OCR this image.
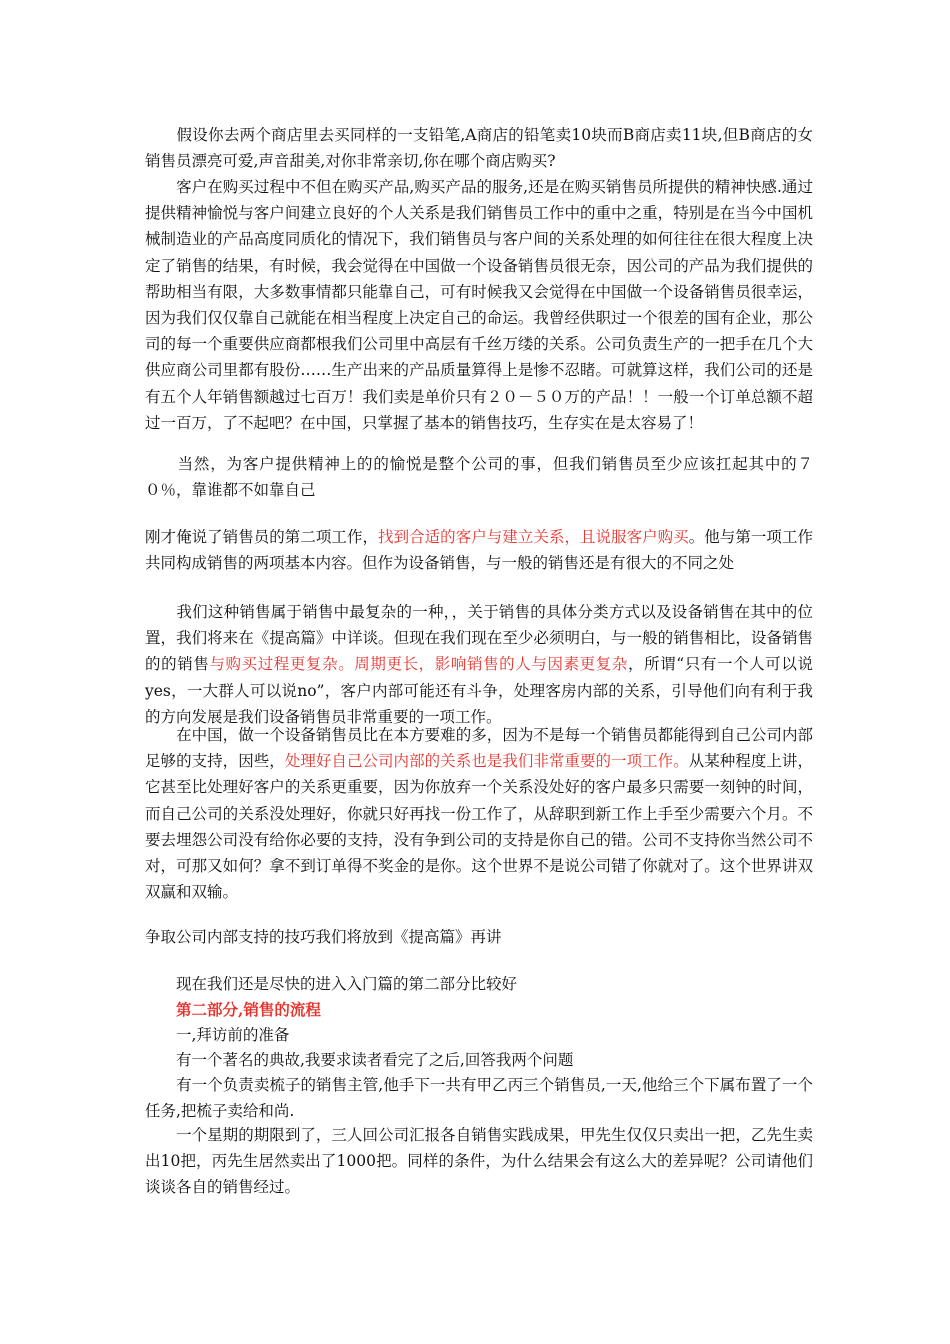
　　假设你去两个商店里去买同样的一支铅笔,A商店的铅笔卖10块而B商店卖11块,但B商店的女销售员漂亮可爱,声音甜美,对你非常亲切,你在哪个商店购买?

　　客户在购买过程中不但在购买产品,购买产品的服务,还是在购买销售员所提供的精神快感.通过提供精神愉悦与客户间建立良好的个人关系是我们销售员工作中的重中之重，特别是在当今中国机械制造业的产品高度同质化的情况下，我们销售员与客户间的关系处理的如何往往在很大程度上决定了销售的结果，有时候，我会觉得在中国做一个设备销售员很无奈，因公司的产品为我们提供的帮助相当有限，大多数事情都只能靠自己，可有时候我又会觉得在中国做一个设备销售员很幸运，因为我们仅仅靠自己就能在相当程度上决定自己的命运。我曾经供职过一个很差的国有企业，那公司的每一个重要供应商都根我们公司里中高层有千丝万缕的关系。公司负责生产的一把手在几个大供应商公司里都有股份……生产出来的产品质量算得上是惨不忍睹。可就算这样，我们公司的还是有五个人年销售额越过七百万！我们卖是单价只有２０－５０万的产品！！一般一个订单总额不超过一百万，了不起吧？在中国，只掌握了基本的销售技巧，生存实在是太容易了！

　　当然，为客户提供精神上的的愉悦是整个公司的事，但我们销售员至少应该扛起其中的７０％，靠谁都不如靠自己

刚才俺说了销售员的第二项工作，找到合适的客户与建立关系，且说服客户购买。他与第一项工作共同构成销售的两项基本内容。但作为设备销售，与一般的销售还是有很大的不同之处

　　我们这种销售属于销售中最复杂的一种，，关于销售的具体分类方式以及设备销售在其中的位置，我们将来在《提高篇》中详谈。但现在我们现在至少必须明白，与一般的销售相比，设备销售的的销售与购买过程更复杂。周期更长，影响销售的人与因素更复杂，所谓“只有一个人可以说yes，一大群人可以说no”，客户内部可能还有斗争，处理客房内部的关系，引导他们向有利于我的方向发展是我们设备销售员非常重要的一项工作。

　　在中国，做一个设备销售员比在本方要难的多，因为不是每一个销售员都能得到自己公司内部足够的支持，因些，处理好自己公司内部的关系也是我们非常重要的一项工作。从某种程度上讲，它甚至比处理好客户的关系更重要，因为你放弃一个关系没处好的客户最多只需要一刻钟的时间，而自己公司的关系没处理好，你就只好再找一份工作了，从辞职到新工作上手至少需要六个月。不要去埋怨公司没有给你必要的支持，没有争到公司的支持是你自己的错。公司不支持你当然公司不对，可那又如何？拿不到订单得不奖金的是你。这个世界不是说公司错了你就对了。这个世界讲双双赢和双输。

争取公司内部支持的技巧我们将放到《提高篇》再讲

　　现在我们还是尽快的进入入门篇的第二部分比较好

　　第二部分,销售的流程

　　一,拜访前的准备

　　有一个著名的典故,我要求读者看完了之后,回答我两个问题

　　有一个负责卖梳子的销售主管,他手下一共有甲乙丙三个销售员,一天,他给三个下属布置了一个任务,把梳子卖给和尚.

　　一个星期的期限到了，三人回公司汇报各自销售实践成果，甲先生仅仅只卖出一把，乙先生卖出10把，丙先生居然卖出了1000把。同样的条件，为什么结果会有这么大的差异呢？公司请他们谈谈各自的销售经过。
